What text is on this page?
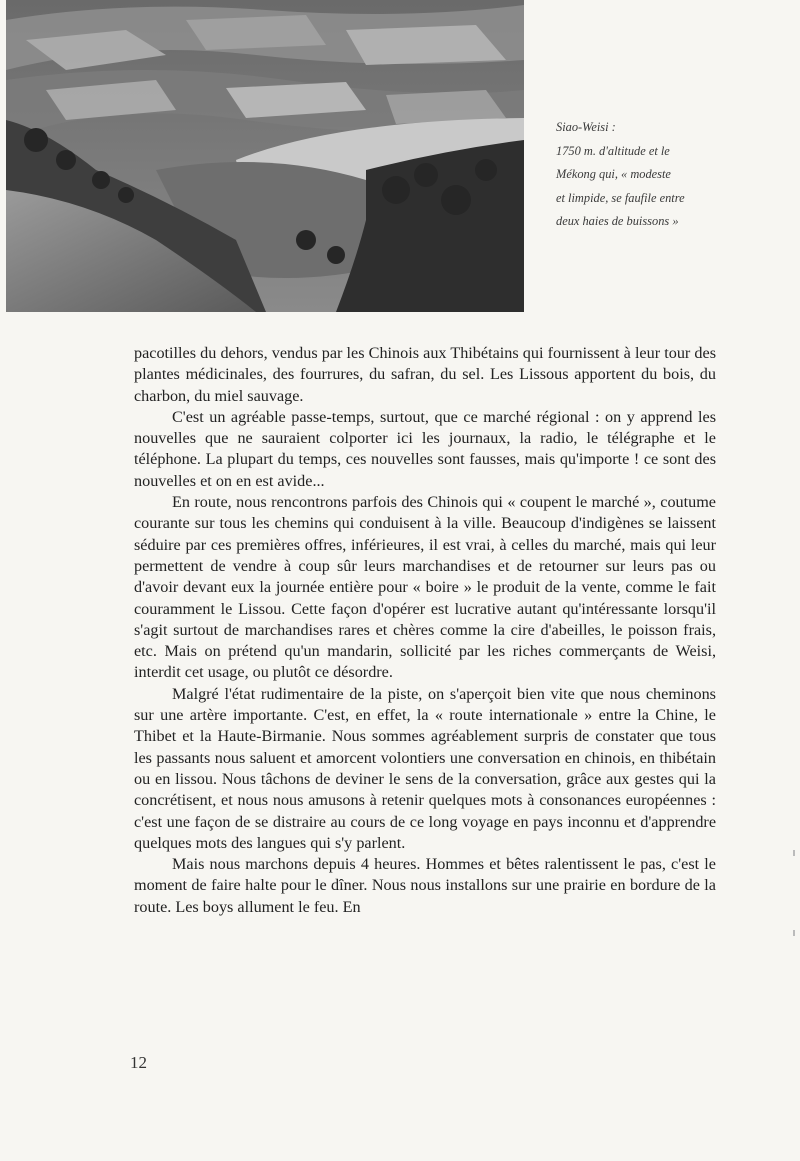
Siao-Weisi :
1750 m. d'altitude et le
Mékong qui, « modeste
et limpide, se faufile entre
deux haies de buissons »

pacotilles du dehors, vendus par les Chinois aux Thibétains qui fournissent à leur tour des plantes médicinales, des fourrures, du safran, du sel. Les Lissous apportent du bois, du charbon, du miel sauvage.

C'est un agréable passe-temps, surtout, que ce marché régional : on y apprend les nouvelles que ne sauraient colporter ici les journaux, la radio, le télégraphe et le téléphone. La plupart du temps, ces nouvelles sont fausses, mais qu'importe ! ce sont des nouvelles et on en est avide...

En route, nous rencontrons parfois des Chinois qui « coupent le marché », coutume courante sur tous les chemins qui conduisent à la ville. Beaucoup d'indigènes se laissent séduire par ces premières offres, inférieures, il est vrai, à celles du marché, mais qui leur permettent de vendre à coup sûr leurs marchandises et de retourner sur leurs pas ou d'avoir devant eux la journée entière pour « boire » le produit de la vente, comme le fait couramment le Lissou. Cette façon d'opérer est lucrative autant qu'intéressante lorsqu'il s'agit surtout de marchandises rares et chères comme la cire d'abeilles, le poisson frais, etc. Mais on prétend qu'un mandarin, sollicité par les riches commerçants de Weisi, interdit cet usage, ou plutôt ce désordre.

Malgré l'état rudimentaire de la piste, on s'aperçoit bien vite que nous cheminons sur une artère importante. C'est, en effet, la « route internationale » entre la Chine, le Thibet et la Haute-Birmanie. Nous sommes agréablement surpris de constater que tous les passants nous saluent et amorcent volontiers une conversation en chinois, en thibétain ou en lissou. Nous tâchons de deviner le sens de la conversation, grâce aux gestes qui la concrétisent, et nous nous amusons à retenir quelques mots à consonances européennes : c'est une façon de se distraire au cours de ce long voyage en pays inconnu et d'apprendre quelques mots des langues qui s'y parlent.

Mais nous marchons depuis 4 heures. Hommes et bêtes ralentissent le pas, c'est le moment de faire halte pour le dîner. Nous nous installons sur une prairie en bordure de la route. Les boys allument le feu. En

12
